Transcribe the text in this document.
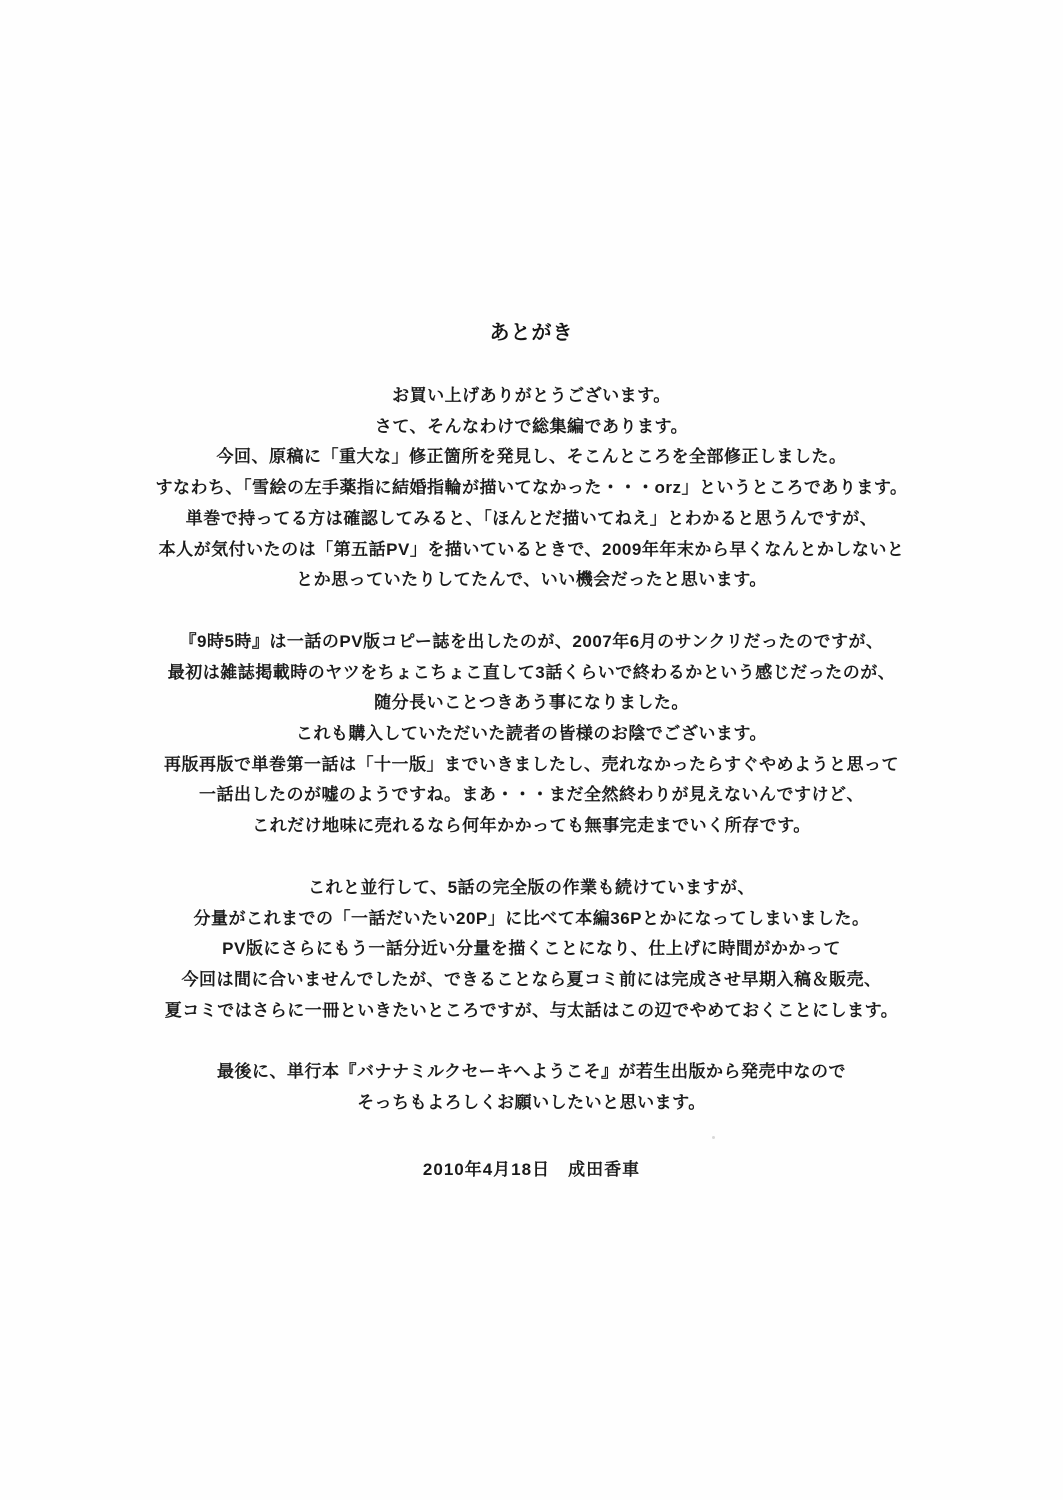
あとがき
お買い上げありがとうございます。
さて、そんなわけで総集編であります。
今回、原稿に「重大な」修正箇所を発見し、そこんところを全部修正しました。
すなわち、「雪絵の左手薬指に結婚指輪が描いてなかった・・・orz」というところであります。
単巻で持ってる方は確認してみると、「ほんとだ描いてねえ」とわかると思うんですが、
本人が気付いたのは「第五話PV」を描いているときで、2009年年末から早くなんとかしないと
とか思っていたりしてたんで、いい機会だったと思います。
『9時5時』は一話のPV版コピー誌を出したのが、2007年6月のサンクリだったのですが、
最初は雑誌掲載時のヤツをちょこちょこ直して3話くらいで終わるかという感じだったのが、
随分長いことつきあう事になりました。
これも購入していただいた読者の皆様のお陰でございます。
再版再版で単巻第一話は「十一版」までいきましたし、売れなかったらすぐやめようと思って
一話出したのが嘘のようですね。まあ・・・まだ全然終わりが見えないんですけど、
これだけ地味に売れるなら何年かかっても無事完走までいく所存です。
これと並行して、5話の完全版の作業も続けていますが、
分量がこれまでの「一話だいたい20P」に比べて本編36Pとかになってしまいました。
PV版にさらにもう一話分近い分量を描くことになり、仕上げに時間がかかって
今回は間に合いませんでしたが、できることなら夏コミ前には完成させ早期入稿＆販売、
夏コミではさらに一冊といきたいところですが、与太話はこの辺でやめておくことにします。
最後に、単行本『バナナミルクセーキへようこそ』が若生出版から発売中なので
そっちもよろしくお願いしたいと思います。
2010年4月18日　成田香車
